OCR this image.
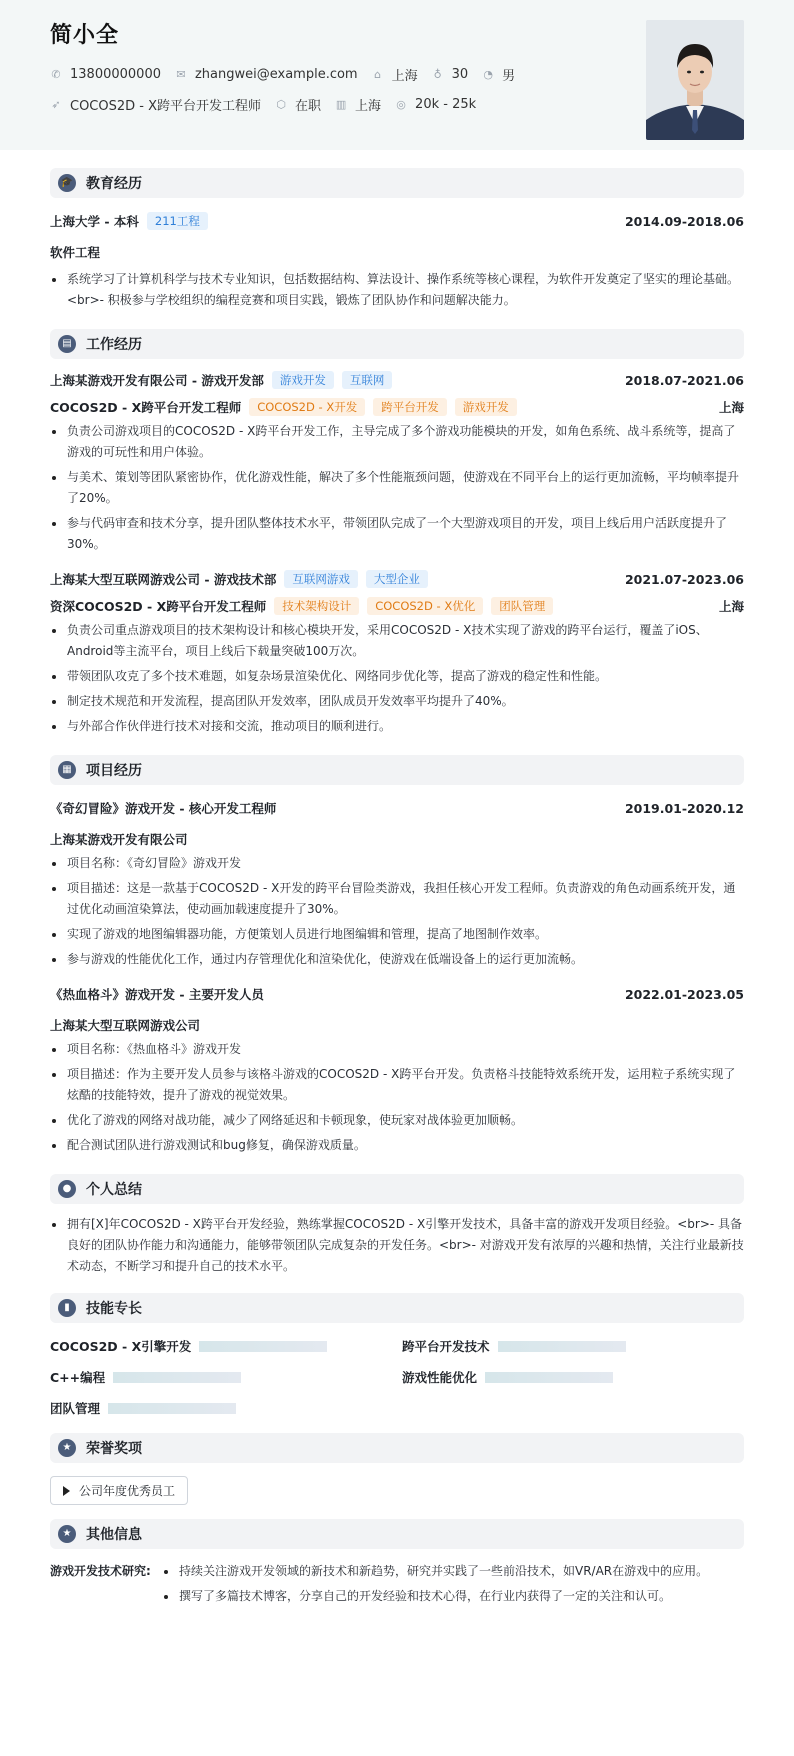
简小全
✆ 13800000000 ✉ zhangwei@example.com ⌂ 上海 ♁ 30 ◔ 男
➶ COCOS2D - X跨平台开发工程师 ⬡ 在职 ▥ 上海 ◎ 20k - 25k
🎓 教育经历
上海大学 - 本科	211工程	2014.09-2018.06
软件工程
系统学习了计算机科学与技术专业知识，包括数据结构、算法设计、操作系统等核心课程，为软件开发奠定了坚实的理论基础。<br>- 积极参与学校组织的编程竞赛和项目实践，锻炼了团队协作和问题解决能力。
▤	工作经历
上海某游戏开发有限公司 - 游戏开发部	游戏开发	互联网	2018.07-2021.06
COCOS2D - X跨平台开发工程师	COCOS2D - X开发	跨平台开发	游戏开发	上海
负责公司游戏项目的COCOS2D - X跨平台开发工作，主导完成了多个游戏功能模块的开发，如角色系统、战斗系统等，提高了游戏的可玩性和用户体验。
与美术、策划等团队紧密协作，优化游戏性能，解决了多个性能瓶颈问题，使游戏在不同平台上的运行更加流畅，平均帧率提升了20%。
参与代码审查和技术分享，提升团队整体技术水平，带领团队完成了一个大型游戏项目的开发，项目上线后用户活跃度提升了30%。
上海某大型互联网游戏公司 - 游戏技术部	互联网游戏	大型企业	2021.07-2023.06
资深COCOS2D - X跨平台开发工程师	技术架构设计	COCOS2D - X优化	团队管理	上海
负责公司重点游戏项目的技术架构设计和核心模块开发，采用COCOS2D - X技术实现了游戏的跨平台运行，覆盖了iOS、Android等主流平台，项目上线后下载量突破100万次。
带领团队攻克了多个技术难题，如复杂场景渲染优化、网络同步优化等，提高了游戏的稳定性和性能。
制定技术规范和开发流程，提高团队开发效率，团队成员开发效率平均提升了40%。
与外部合作伙伴进行技术对接和交流，推动项目的顺利进行。
▦	项目经历
《奇幻冒险》游戏开发 - 核心开发工程师	2019.01-2020.12
上海某游戏开发有限公司
项目名称：《奇幻冒险》游戏开发
项目描述：这是一款基于COCOS2D - X开发的跨平台冒险类游戏，我担任核心开发工程师。负责游戏的角色动画系统开发，通过优化动画渲染算法，使动画加载速度提升了30%。
实现了游戏的地图编辑器功能，方便策划人员进行地图编辑和管理，提高了地图制作效率。
参与游戏的性能优化工作，通过内存管理优化和渲染优化，使游戏在低端设备上的运行更加流畅。
《热血格斗》游戏开发 - 主要开发人员	2022.01-2023.05
上海某大型互联网游戏公司
项目名称：《热血格斗》游戏开发
项目描述：作为主要开发人员参与该格斗游戏的COCOS2D - X跨平台开发。负责格斗技能特效系统开发，运用粒子系统实现了炫酷的技能特效，提升了游戏的视觉效果。
优化了游戏的网络对战功能，减少了网络延迟和卡顿现象，使玩家对战体验更加顺畅。
配合测试团队进行游戏测试和bug修复，确保游戏质量。
●	个人总结
拥有[X]年COCOS2D - X跨平台开发经验，熟练掌握COCOS2D - X引擎开发技术，具备丰富的游戏开发项目经验。<br>- 具备良好的团队协作能力和沟通能力，能够带领团队完成复杂的开发任务。<br>- 对游戏开发有浓厚的兴趣和热情，关注行业最新技术动态，不断学习和提升自己的技术水平。
▮	技能专长
COCOS2D - X引擎开发	跨平台开发技术
C++编程	游戏性能优化
团队管理
★	荣誉奖项
公司年度优秀员工
★	其他信息
游戏开发技术研究:	持续关注游戏开发领域的新技术和新趋势，研究并实践了一些前沿技术，如VR/AR在游戏中的应用。
撰写了多篇技术博客，分享自己的开发经验和技术心得，在行业内获得了一定的关注和认可。
